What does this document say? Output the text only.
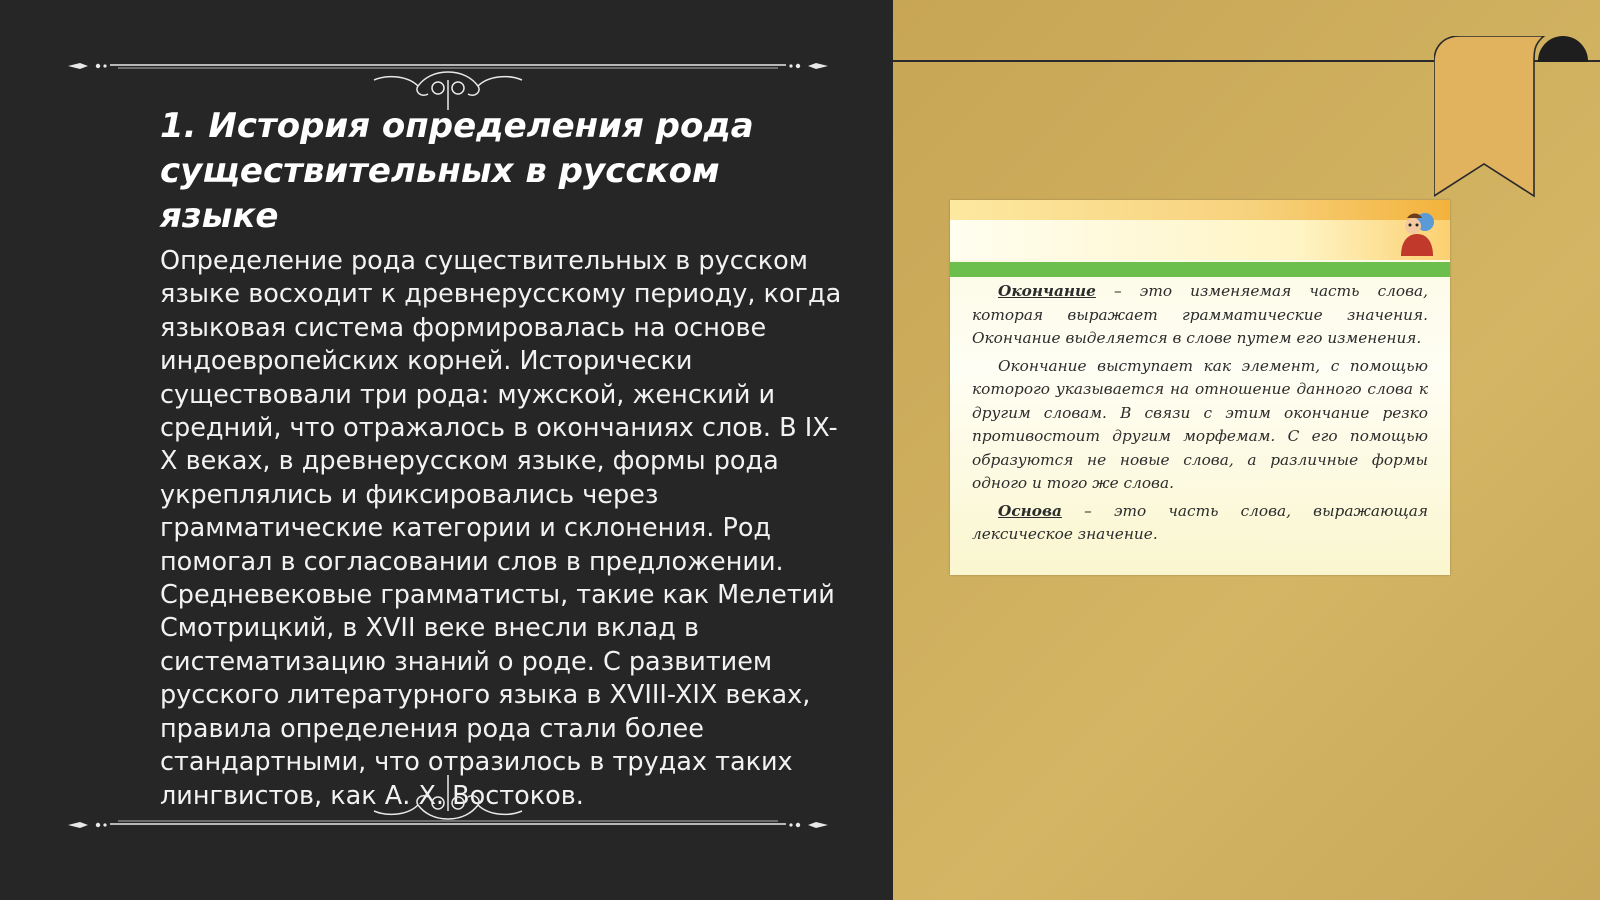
1. История определения рода существительных в русском языке

Определение рода существительных в русском языке восходит к древнерусскому периоду, когда языковая система формировалась на основе индоевропейских корней. Исторически существовали три рода: мужской, женский и средний, что отражалось в окончаниях слов. В IX-X веках, в древнерусском языке, формы рода укреплялись и фиксировались через грамматические категории и склонения. Род помогал в согласовании слов в предложении. Средневековые грамматисты, такие как Мелетий Смотрицкий, в XVII веке внесли вклад в систематизацию знаний о роде. С развитием русского литературного языка в XVIII-XIX веках, правила определения рода стали более стандартными, что отразилось в трудах таких лингвистов, как А. Х. Востоков.

Окончание – это изменяемая часть слова, которая выражает грамматические значения. Окончание выделяется в слове путем его изменения.

Окончание выступает как элемент, с помощью которого указывается на отношение данного слова к другим словам. В связи с этим окончание резко противостоит другим морфемам. С его помощью образуются не новые слова, а различные формы одного и того же слова.

Основа – это часть слова, выражающая лексическое значение.
